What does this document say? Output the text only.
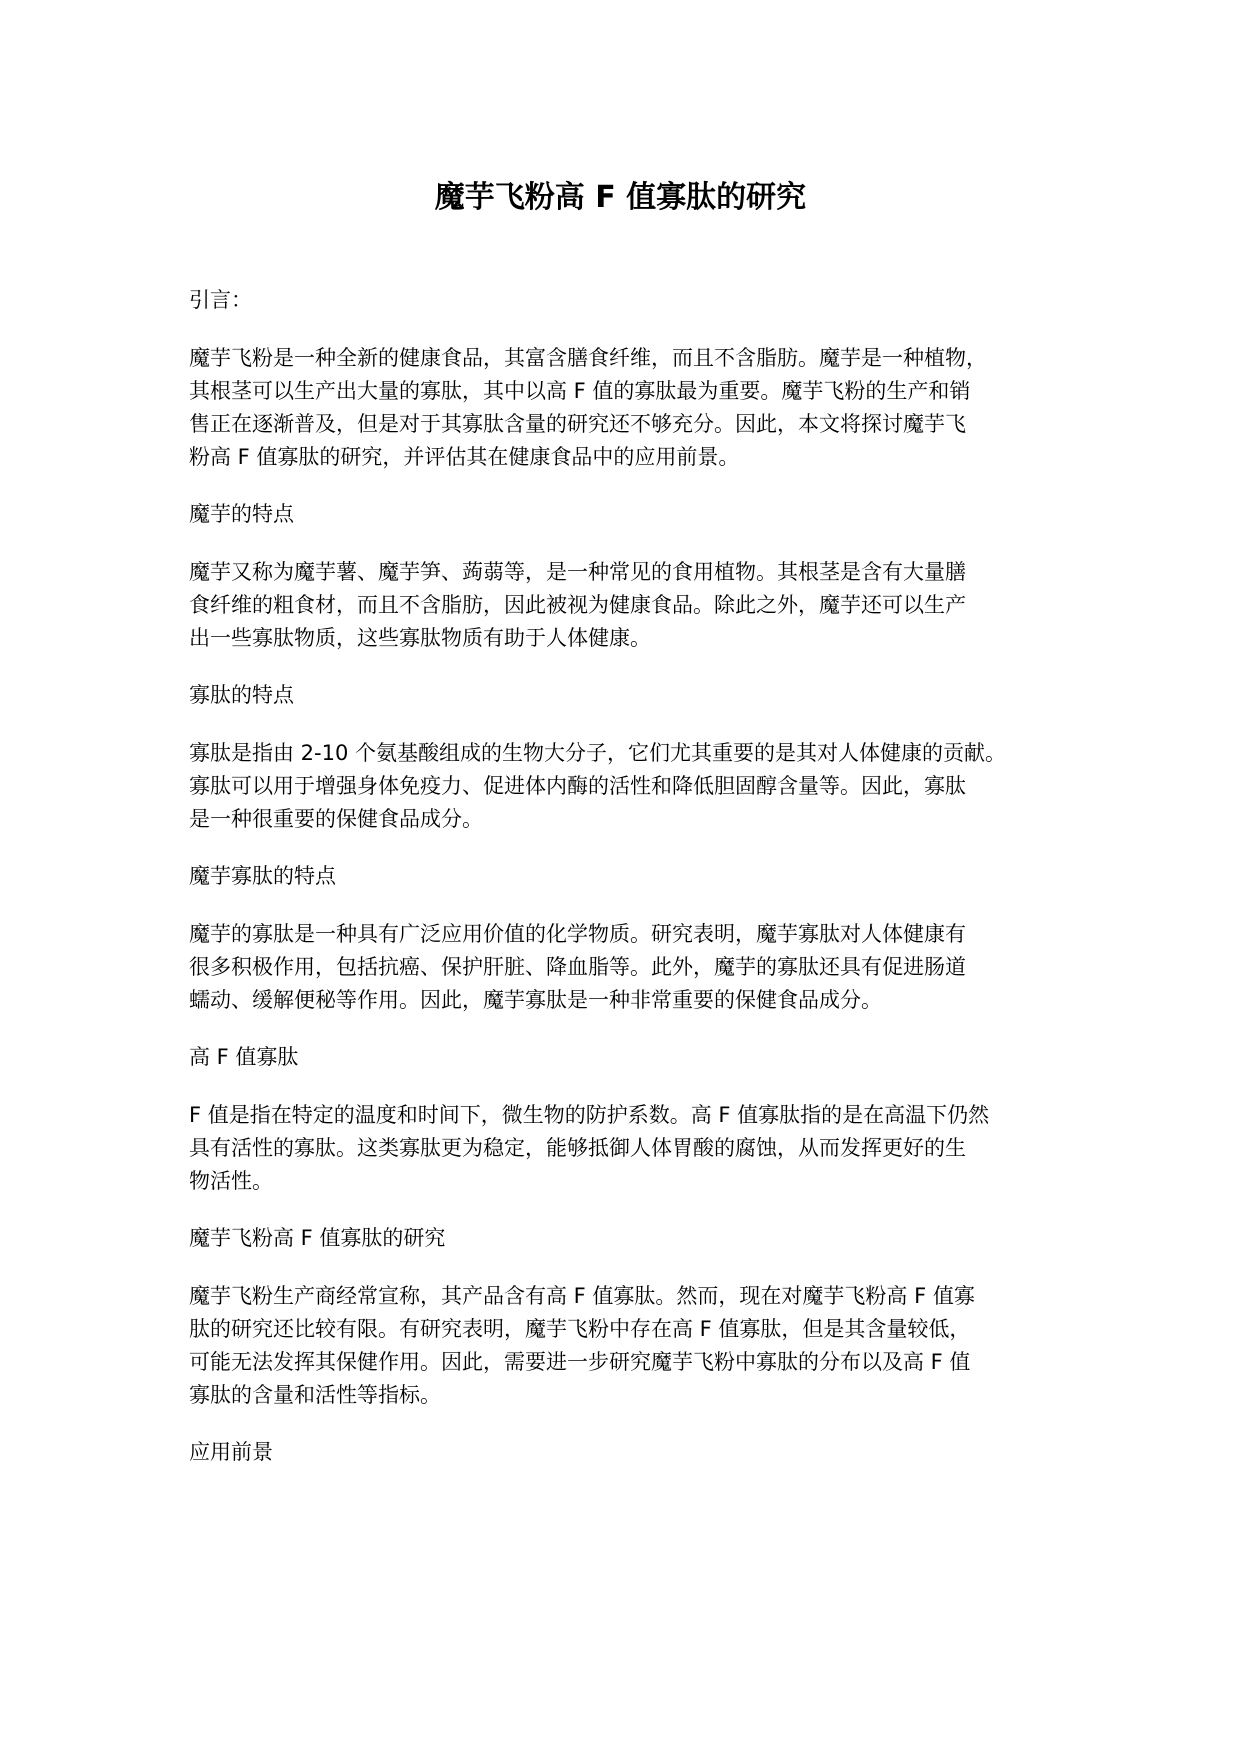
魔芋飞粉高 F 值寡肽的研究

引言：

魔芋飞粉是一种全新的健康食品，其富含膳食纤维，而且不含脂肪。魔芋是一种植物，
其根茎可以生产出大量的寡肽，其中以高 F 值的寡肽最为重要。魔芋飞粉的生产和销
售正在逐渐普及，但是对于其寡肽含量的研究还不够充分。因此，本文将探讨魔芋飞
粉高 F 值寡肽的研究，并评估其在健康食品中的应用前景。

魔芋的特点

魔芋又称为魔芋薯、魔芋笋、蒟蒻等，是一种常见的食用植物。其根茎是含有大量膳
食纤维的粗食材，而且不含脂肪，因此被视为健康食品。除此之外，魔芋还可以生产
出一些寡肽物质，这些寡肽物质有助于人体健康。

寡肽的特点

寡肽是指由 2-10 个氨基酸组成的生物大分子，它们尤其重要的是其对人体健康的贡献。
寡肽可以用于增强身体免疫力、促进体内酶的活性和降低胆固醇含量等。因此，寡肽
是一种很重要的保健食品成分。

魔芋寡肽的特点

魔芋的寡肽是一种具有广泛应用价值的化学物质。研究表明，魔芋寡肽对人体健康有
很多积极作用，包括抗癌、保护肝脏、降血脂等。此外，魔芋的寡肽还具有促进肠道
蠕动、缓解便秘等作用。因此，魔芋寡肽是一种非常重要的保健食品成分。

高 F 值寡肽

F 值是指在特定的温度和时间下，微生物的防护系数。高 F 值寡肽指的是在高温下仍然
具有活性的寡肽。这类寡肽更为稳定，能够抵御人体胃酸的腐蚀，从而发挥更好的生
物活性。

魔芋飞粉高 F 值寡肽的研究

魔芋飞粉生产商经常宣称，其产品含有高 F 值寡肽。然而，现在对魔芋飞粉高 F 值寡
肽的研究还比较有限。有研究表明，魔芋飞粉中存在高 F 值寡肽，但是其含量较低，
可能无法发挥其保健作用。因此，需要进一步研究魔芋飞粉中寡肽的分布以及高 F 值
寡肽的含量和活性等指标。

应用前景
